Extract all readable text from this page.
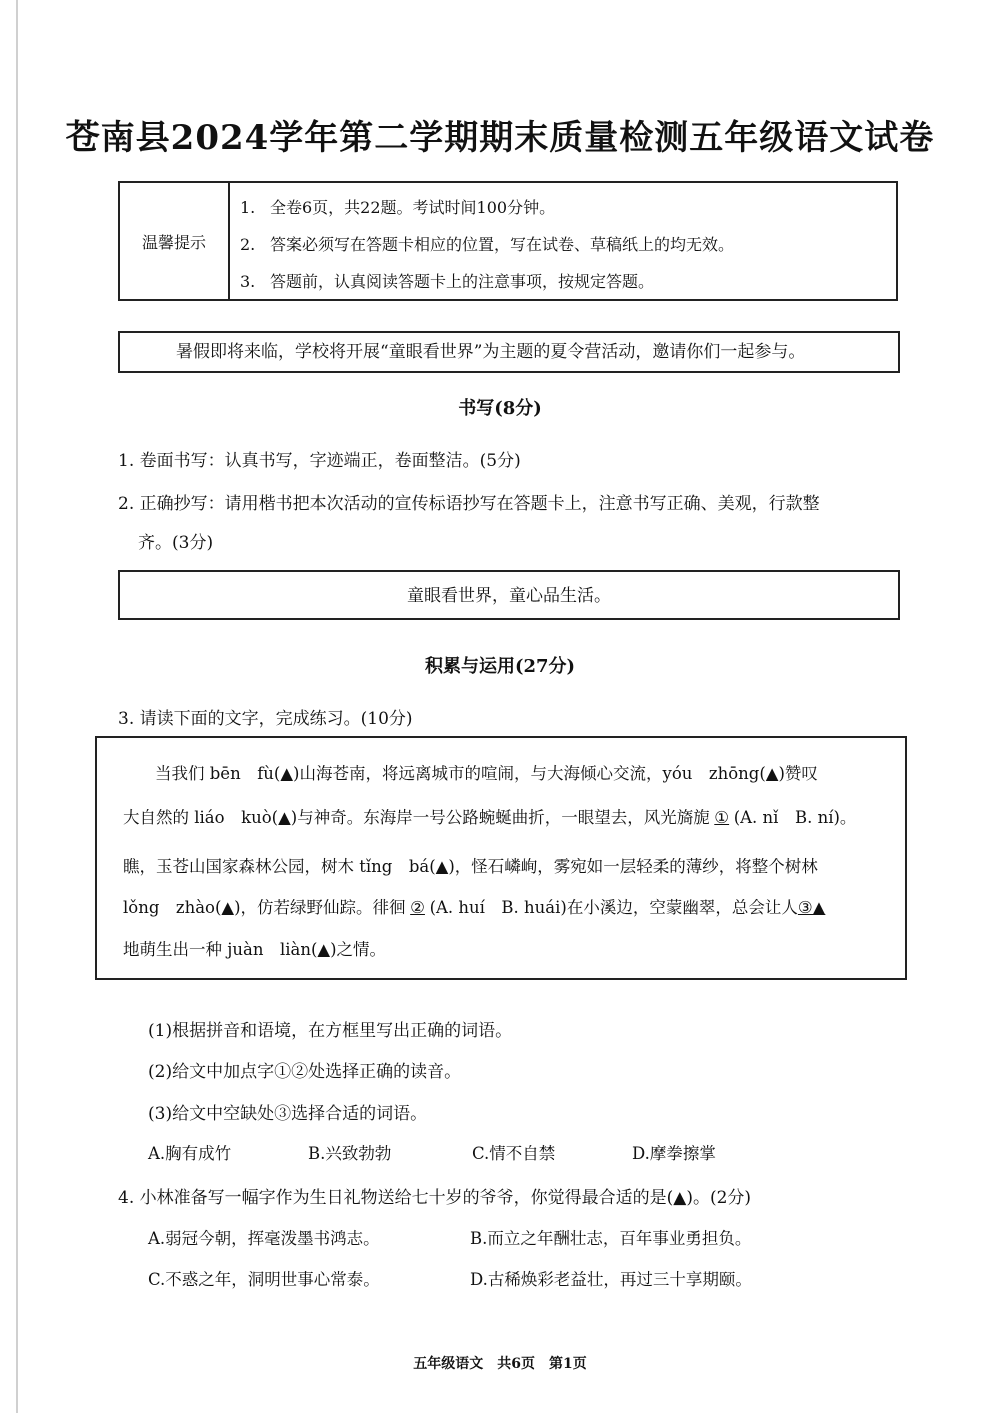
苍南县2024学年第二学期期末质量检测五年级语文试卷
温馨提示
1. 全卷6页，共22题。考试时间100分钟。
2. 答案必须写在答题卡相应的位置，写在试卷、草稿纸上的均无效。
3. 答题前，认真阅读答题卡上的注意事项，按规定答题。
暑假即将来临，学校将开展“童眼看世界”为主题的夏令营活动，邀请你们一起参与。
书写(8分)
1. 卷面书写：认真书写，字迹端正，卷面整洁。(5分)
2. 正确抄写：请用楷书把本次活动的宣传标语抄写在答题卡上，注意书写正确、美观，行款整
齐。(3分)
童眼看世界，童心品生活。
积累与运用(27分)
3. 请读下面的文字，完成练习。(10分)
当我们 bēn　fù(▲)山海苍南，将远离城市的喧闹，与大海倾心交流，yóu　zhōng(▲)赞叹
大自然的 liáo　kuò(▲)与神奇。东海岸一号公路蜿蜒曲折，一眼望去，风光旖旎 ① (A. nǐ　B. ní)。
瞧，玉苍山国家森林公园，树木 tǐng　bá(▲)，怪石嶙峋，雾宛如一层轻柔的薄纱，将整个树林
lǒng　zhào(▲)，仿若绿野仙踪。徘徊 ② (A. huí　B. huái)在小溪边，空蒙幽翠，总会让人③▲
地萌生出一种 juàn　liàn(▲)之情。
(1)根据拼音和语境，在方框里写出正确的词语。
(2)给文中加点字①②处选择正确的读音。
(3)给文中空缺处③选择合适的词语。
A.胸有成竹	B.兴致勃勃	C.情不自禁	D.摩拳擦掌
4. 小林准备写一幅字作为生日礼物送给七十岁的爷爷，你觉得最合适的是(▲)。(2分)
A.弱冠今朝，挥毫泼墨书鸿志。	B.而立之年酬壮志，百年事业勇担负。
C.不惑之年，洞明世事心常泰。	D.古稀焕彩老益壮，再过三十享期颐。
五年级语文　共6页　第1页
